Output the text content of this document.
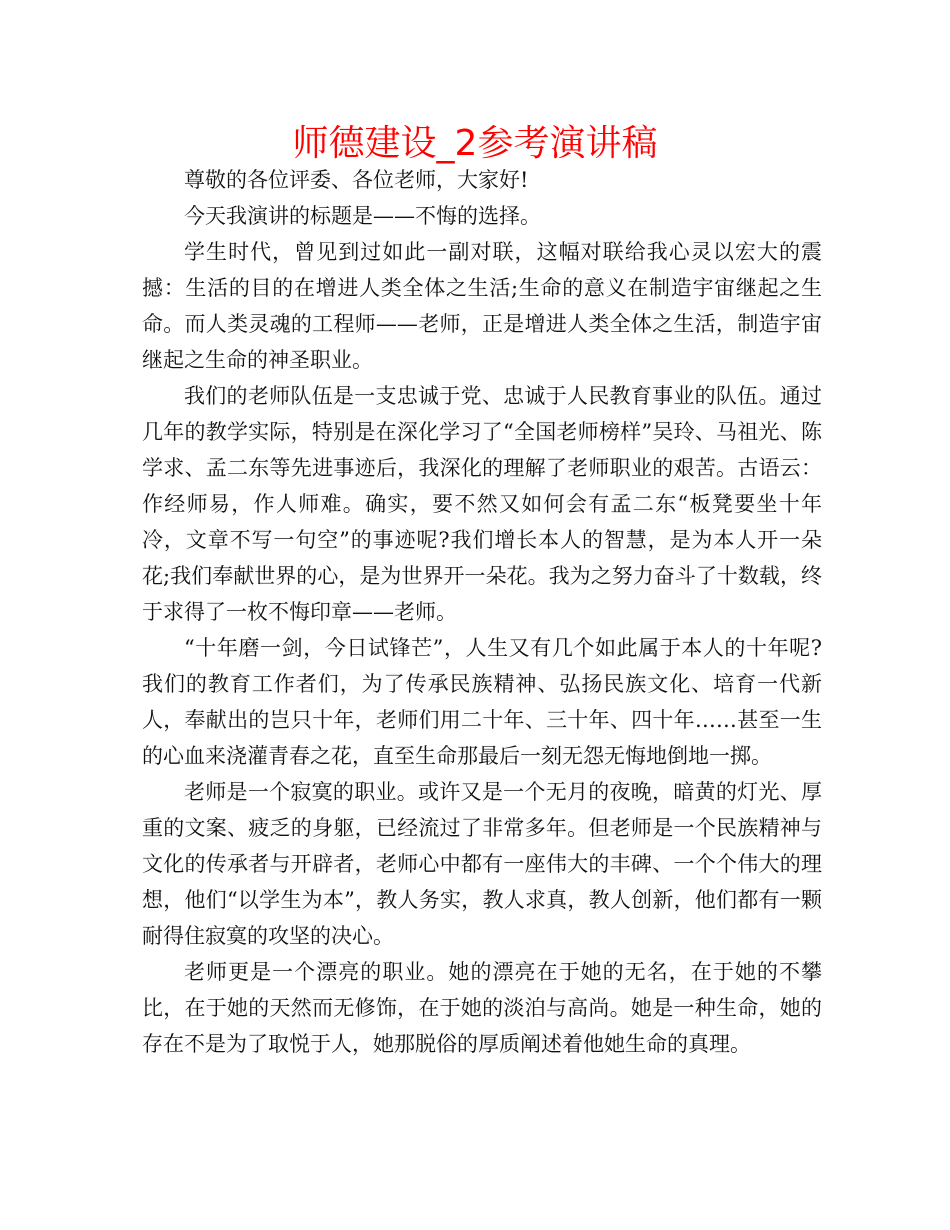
师德建设_2参考演讲稿

尊敬的各位评委、各位老师，大家好!

今天我演讲的标题是——不悔的选择。

学生时代，曾见到过如此一副对联，这幅对联给我心灵以宏大的震撼：生活的目的在增进人类全体之生活;生命的意义在制造宇宙继起之生命。而人类灵魂的工程师——老师，正是增进人类全体之生活，制造宇宙继起之生命的神圣职业。

我们的老师队伍是一支忠诚于党、忠诚于人民教育事业的队伍。通过几年的教学实际，特别是在深化学习了“全国老师榜样”吴玲、马祖光、陈学求、孟二东等先进事迹后，我深化的理解了老师职业的艰苦。古语云：作经师易，作人师难。确实，要不然又如何会有孟二东“板凳要坐十年冷，文章不写一句空”的事迹呢?我们增长本人的智慧，是为本人开一朵花;我们奉献世界的心，是为世界开一朵花。我为之努力奋斗了十数载，终于求得了一枚不悔印章——老师。

“十年磨一剑，今日试锋芒”，人生又有几个如此属于本人的十年呢?我们的教育工作者们，为了传承民族精神、弘扬民族文化、培育一代新人，奉献出的岂只十年，老师们用二十年、三十年、四十年……甚至一生的心血来浇灌青春之花，直至生命那最后一刻无怨无悔地倒地一掷。

老师是一个寂寞的职业。或许又是一个无月的夜晚，暗黄的灯光、厚重的文案、疲乏的身躯，已经流过了非常多年。但老师是一个民族精神与文化的传承者与开辟者，老师心中都有一座伟大的丰碑、一个个伟大的理想，他们“以学生为本”，教人务实，教人求真，教人创新，他们都有一颗耐得住寂寞的攻坚的决心。

老师更是一个漂亮的职业。她的漂亮在于她的无名，在于她的不攀比，在于她的天然而无修饰，在于她的淡泊与高尚。她是一种生命，她的存在不是为了取悦于人，她那脱俗的厚质阐述着他她生命的真理。
